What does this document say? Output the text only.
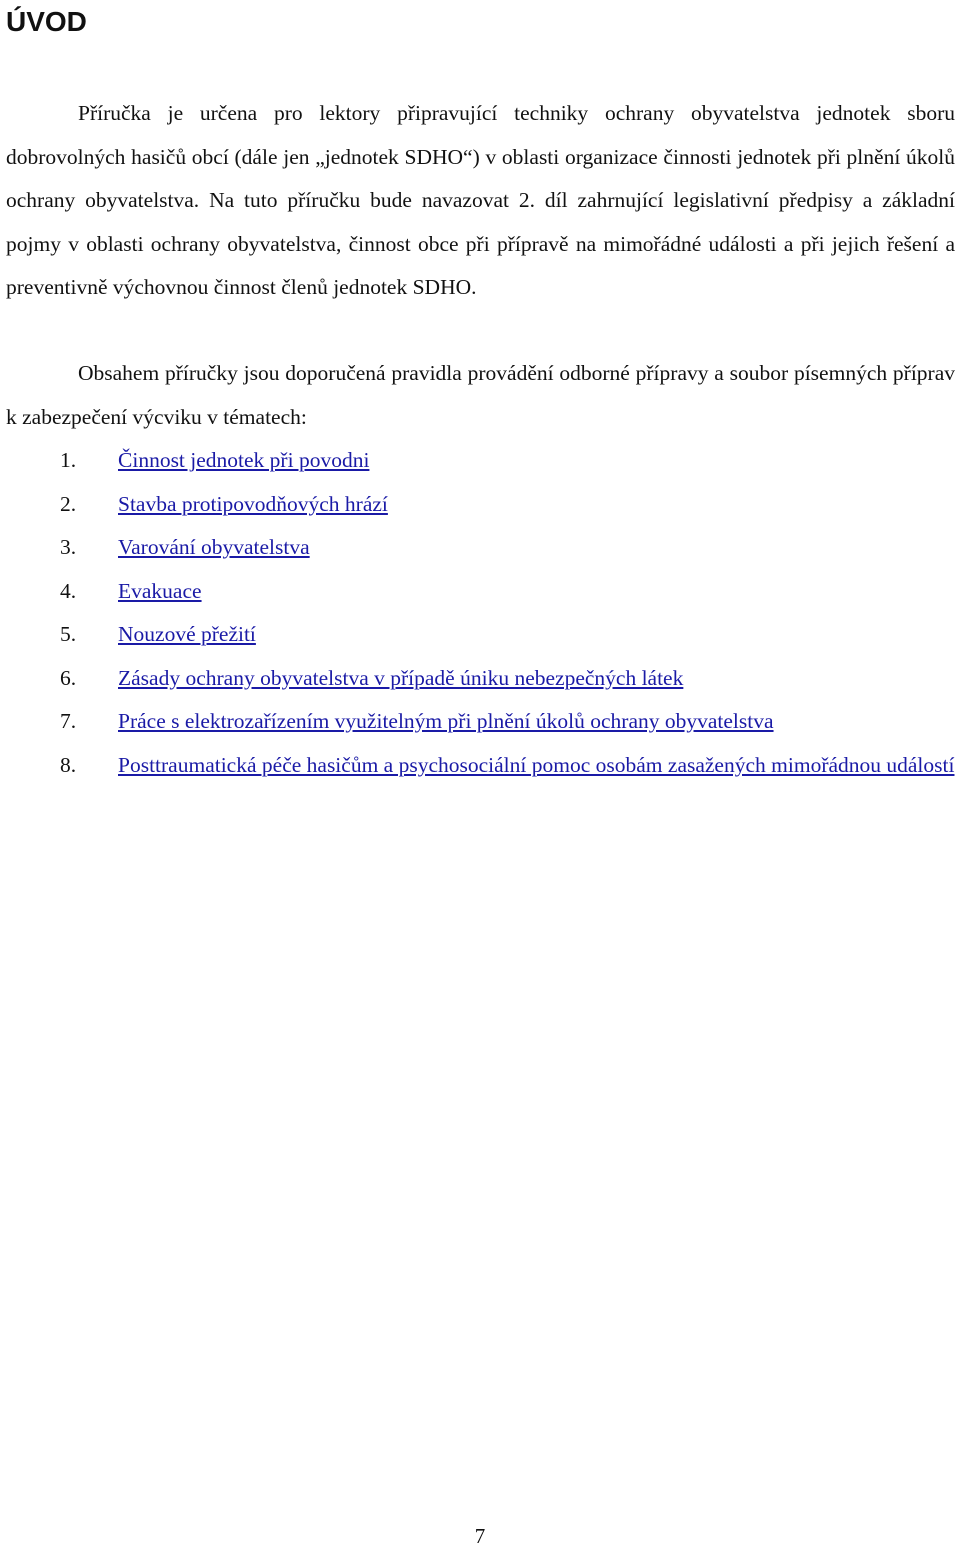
ÚVOD

Příručka je určena pro lektory připravující techniky ochrany obyvatelstva jednotek sboru dobrovolných hasičů obcí (dále jen „jednotek SDHO“) v oblasti organizace činnosti jednotek při plnění úkolů ochrany obyvatelstva. Na tuto příručku bude navazovat 2. díl zahrnující legislativní předpisy a základní pojmy v oblasti ochrany obyvatelstva, činnost obce při přípravě na mimořádné události a při jejich řešení a preventivně výchovnou činnost členů jednotek SDHO.

Obsahem příručky jsou doporučená pravidla provádění odborné přípravy a soubor písemných příprav k zabezpečení výcviku v tématech:

1. Činnost jednotek při povodni
2. Stavba protipovodňových hrází
3. Varování obyvatelstva
4. Evakuace
5. Nouzové přežití
6. Zásady ochrany obyvatelstva v případě úniku nebezpečných látek
7. Práce s elektrozařízením využitelným při plnění úkolů ochrany obyvatelstva
8. Posttraumatická péče hasičům a psychosociální pomoc osobám zasažených mimořádnou událostí
7
